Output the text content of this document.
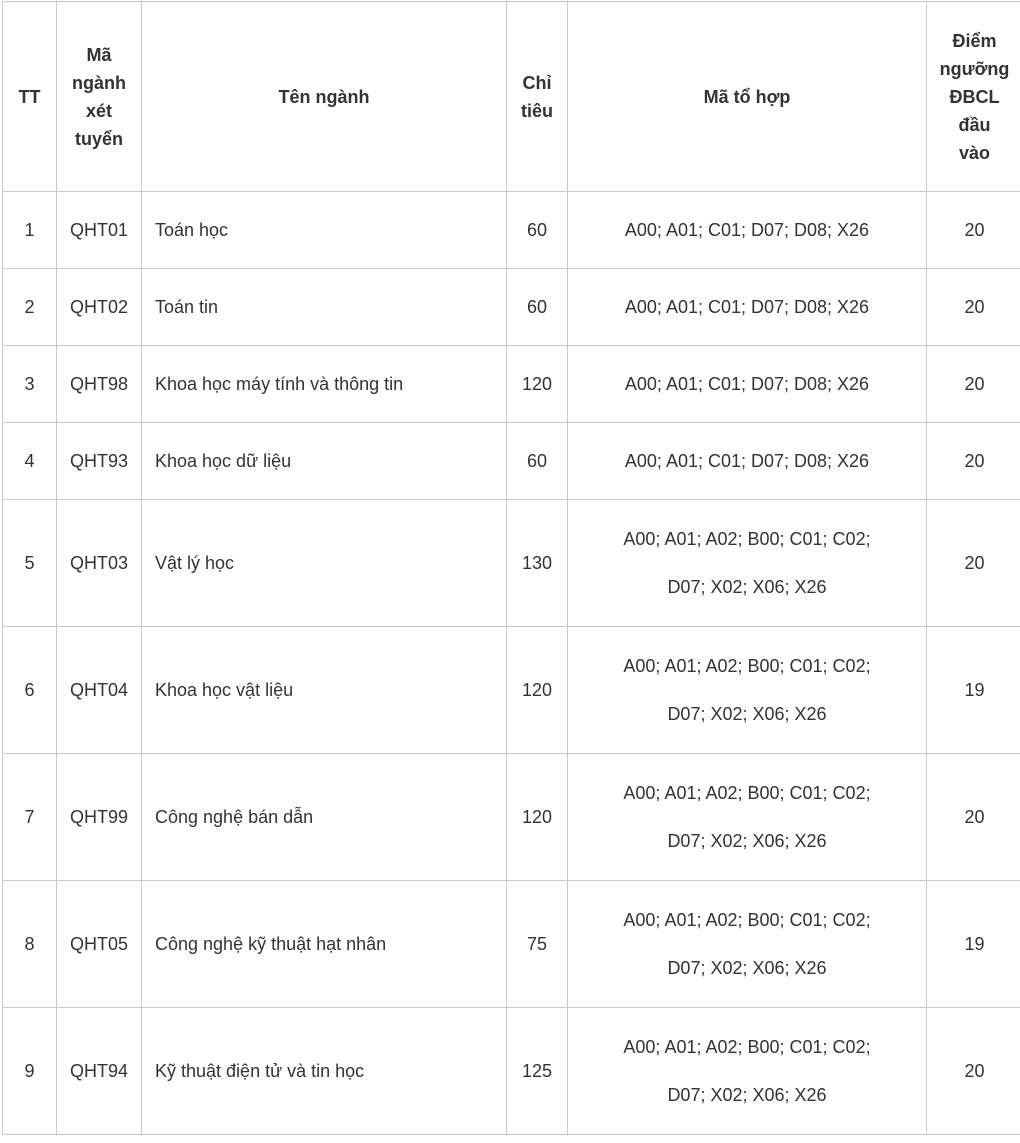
TT	Mã
ngành
xét
tuyển	Tên ngành	Chỉ
tiêu	Mã tổ hợp	Điểm
ngưỡng
ĐBCL
đầu
vào

1	QHT01	Toán học	60	A00; A01; C01; D07; D08; X26	20
2	QHT02	Toán tin	60	A00; A01; C01; D07; D08; X26	20
3	QHT98	Khoa học máy tính và thông tin	120	A00; A01; C01; D07; D08; X26	20
4	QHT93	Khoa học dữ liệu	60	A00; A01; C01; D07; D08; X26	20
5	QHT03	Vật lý học	130	A00; A01; A02; B00; C01; C02;
D07; X02; X06; X26	20
6	QHT04	Khoa học vật liệu	120	A00; A01; A02; B00; C01; C02;
D07; X02; X06; X26	19
7	QHT99	Công nghệ bán dẫn	120	A00; A01; A02; B00; C01; C02;
D07; X02; X06; X26	20
8	QHT05	Công nghệ kỹ thuật hạt nhân	75	A00; A01; A02; B00; C01; C02;
D07; X02; X06; X26	19
9	QHT94	Kỹ thuật điện tử và tin học	125	A00; A01; A02; B00; C01; C02;
D07; X02; X06; X26	20
